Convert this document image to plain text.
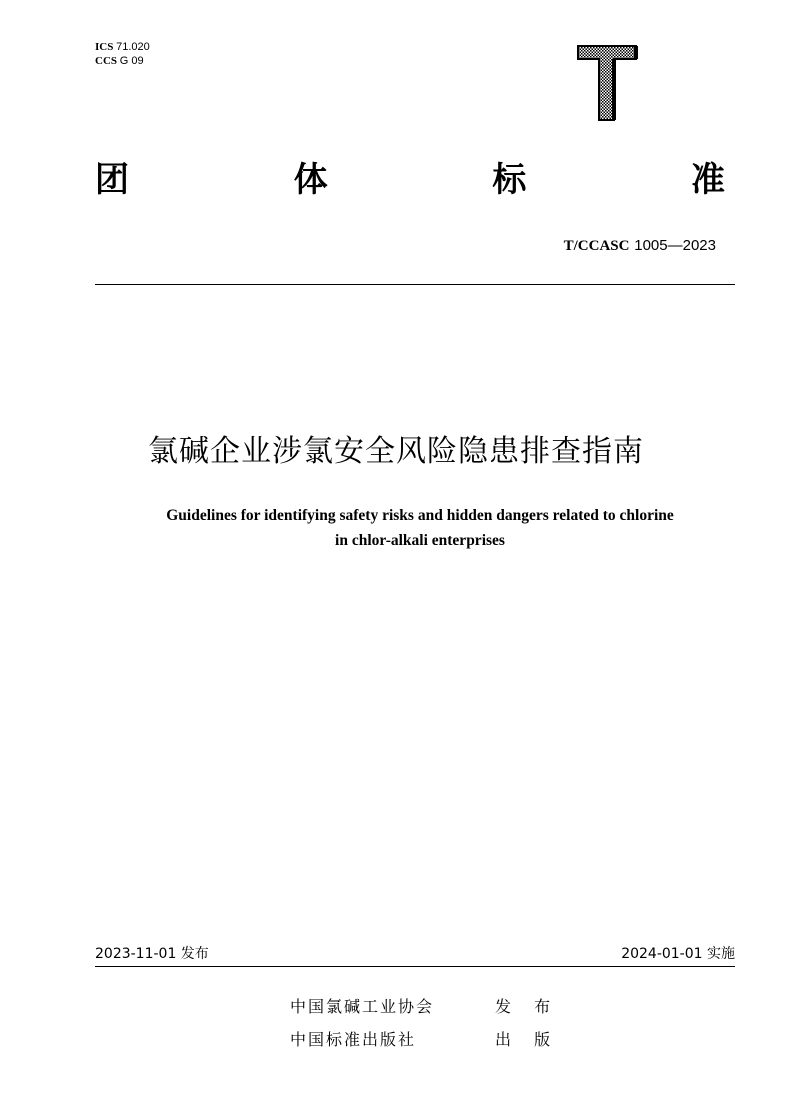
ICS 71.020
CCS G 09
团	体	标	准
T/CCASC 1005—2023
氯碱企业涉氯安全风险隐患排查指南
Guidelines for identifying safety risks and hidden dangers related to chlorine
in chlor-alkali enterprises
2023-11-01 发布	2024-01-01 实施
中国氯碱工业协会	发 布
中国标准出版社	出 版
